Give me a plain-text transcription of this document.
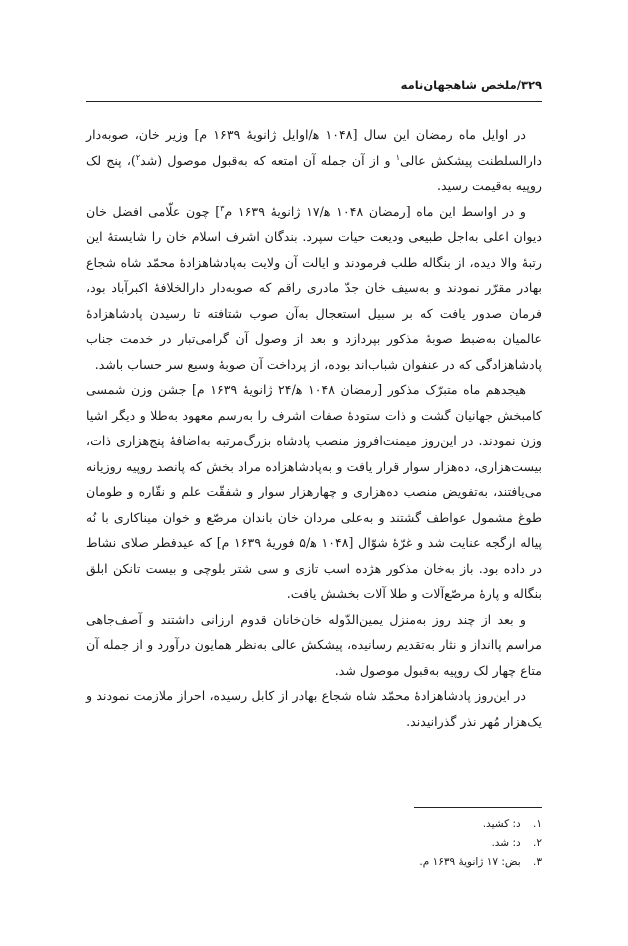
۳۲۹/ملخص شاهجهان‌نامه

در اوایل ماه رمضان این سال [۱۰۴۸ ه‍/اوایل ژانویهٔ ۱۶۳۹ م] وزیر خان، صوبه‌دار دارالسلطنت پیشکش عالی$^۱$ و از آن جمله آن امتعه که به‌قبول موصول (شد$^۲$)، پنج لک روپیه به‌قیمت رسید.

و در اواسط این ماه [رمضان ۱۰۴۸ ه‍/۱۷ ژانویهٔ ۱۶۳۹ م$^۳$] چون علّامی افضل خان دیوان اعلی به‌اجل طبیعی ودیعت حیات سپرد. بندگان اشرف اسلام خان را شایستهٔ این رتبهٔ والا دیده، از بنگاله طلب فرمودند و ایالت آن ولایت به‌پادشاهزادهٔ محمّد شاه شجاع بهادر مقرّر نمودند و به‌سیف خان جدّ مادری راقم که صوبه‌دار دارالخلافهٔ اکبرآباد بود، فرمان صدور یافت که بر سبیل استعجال به‌آن صوب شتافته تا رسیدن پادشاهزادهٔ عالمیان به‌ضبط صوبهٔ مذکور بپردازد و بعد از وصول آن گرامی‌تبار در خدمت جناب پادشاهزادگی که در عنفوان شباب‌اند بوده، از پرداخت آن صوبهٔ وسیع سر حساب باشد.

هیجدهم ماه متبرّک مذکور [رمضان ۱۰۴۸ ه‍/۲۴ ژانویهٔ ۱۶۳۹ م] جشن وزن شمسی کامبخش جهانیان گشت و ذات ستودهٔ صفات اشرف را به‌رسم معهود به‌طلا و دیگر اشیا وزن نمودند. در این‌روز میمنت‌افروز منصب پادشاه بزرگ‌مرتبه به‌اضافهٔ پنج‌هزاری ذات، بیست‌هزاری، ده‌هزار سوار قرار یافت و به‌پادشاهزاده مراد بخش که پانصد روپیه روزیانه می‌یافتند، به‌تفویض منصب ده‌هزاری و چهارهزار سوار و شفقّت علم و نقّاره و طومان طوغ مشمول عواطف گشتند و به‌علی مردان خان باندان مرصّع و خوان میناکاری با نُه پیاله ارگجه عنایت شد و غرّهٔ شوّال [۱۰۴۸ ه‍/۵ فوریهٔ ۱۶۳۹ م] که عیدفطر صلای نشاط در داده بود. باز به‌خان مذکور هژده اسب تازی و سی شتر بلوچی و بیست تانکن ابلق بنگاله و پارهٔ مرصّع‌آلات و طلا آلات بخشش یافت.

و بعد از چند روز به‌منزل یمین‌الدّوله خان‌خانان قدوم ارزانی داشتند و آصف‌جاهی مراسم پاانداز و نثار به‌تقدیم رسانیده، پیشکش عالی به‌نظر همایون درآورد و از جمله آن متاع چهار لک روپیه به‌قبول موصول شد.

در این‌روز پادشاهزادهٔ محمّد شاه شجاع بهادر از کابل رسیده، احراز ملازمت نمودند و یک‌هزار مُهر نذر گذرانیدند.

۱. د: کشید.
۲. د: شد.
۳. بض: ۱۷ ژانویهٔ ۱۶۳۹ م.
